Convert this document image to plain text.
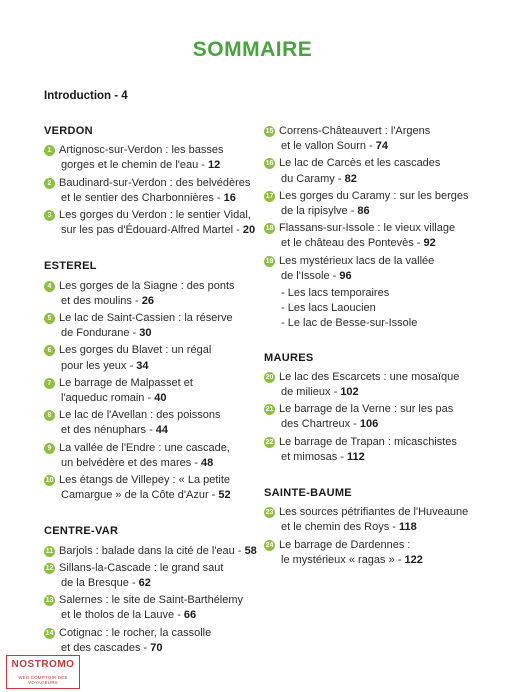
SOMMAIRE
Introduction - 4
VERDON
1 Artignosc-sur-Verdon : les basses
gorges et le chemin de l'eau - 12
2 Baudinard-sur-Verdon : des belvédères
et le sentier des Charbonnières - 16
3 Les gorges du Verdon : le sentier Vidal,
sur les pas d'Édouard-Alfred Martel - 20
ESTEREL
4 Les gorges de la Siagne : des ponts
et des moulins - 26
5 Le lac de Saint-Cassien : la réserve
de Fondurane - 30
6 Les gorges du Blavet : un régal
pour les yeux - 34
7 Le barrage de Malpasset et
l'aqueduc romain - 40
8 Le lac de l'Avellan : des poissons
et des nénuphars - 44
9 La vallée de l'Endre : une cascade,
un belvédère et des mares - 48
10 Les étangs de Villepey : « La petite
Camargue » de la Côte d'Azur - 52
CENTRE-VAR
11 Barjols : balade dans la cité de l'eau - 58
12 Sillans-la-Cascade : le grand saut
de la Bresque - 62
13 Salernes : le site de Saint-Barthélemy
et le tholos de la Lauve - 66
14 Cotignac : le rocher, la cassolle
et des cascades - 70
15 Correns-Châteauvert : l'Argens
et le vallon Sourn - 74
16 Le lac de Carcès et les cascades
du Caramy - 82
17 Les gorges du Caramy : sur les berges
de la ripisylve - 86
18 Flassans-sur-Issole : le vieux village
et le château des Pontevès - 92
19 Les mystérieux lacs de la vallée
de l'Issole - 96
- Les lacs temporaires
- Les lacs Laoucien
- Le lac de Besse-sur-Issole
MAURES
20 Le lac des Escarcets : une mosaïque
de milieux - 102
21 Le barrage de la Verne : sur les pas
des Chartreux - 106
22 Le barrage de Trapan : micaschistes
et mimosas - 112
SAINTE-BAUME
23 Les sources pétrifiantes de l'Huveaune
et le chemin des Roys - 118
24 Le barrage de Dardennes :
le mystérieux « ragas » - 122
NOSTROMO
WEB COMPTOIR DES VOYAGEURS
